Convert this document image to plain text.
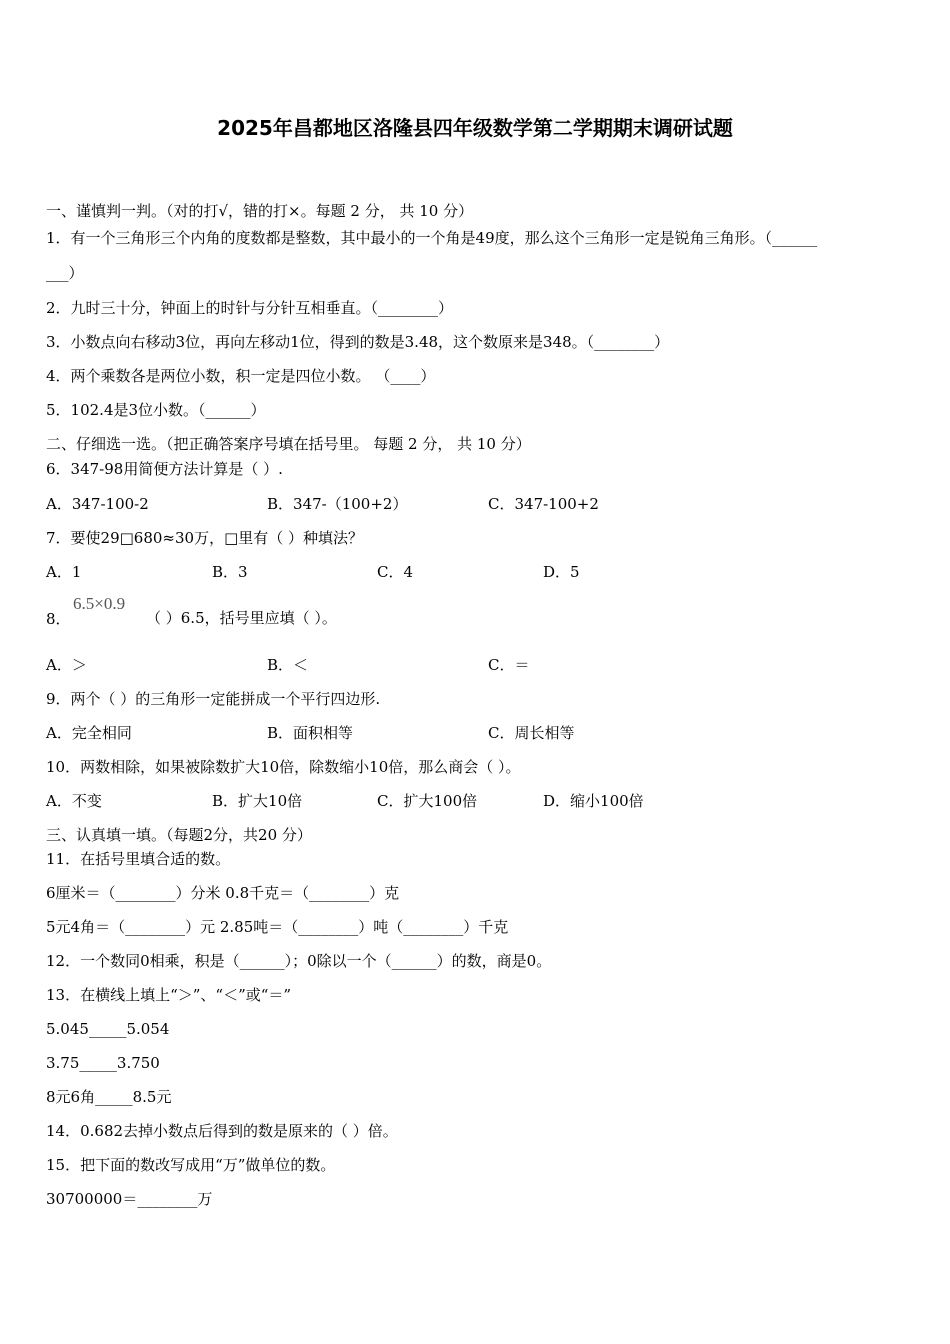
2025年昌都地区洛隆县四年级数学第二学期期末调研试题
一、谨慎判一判。（对的打√，错的打×。每题 2 分， 共 10 分）
1．有一个三角形三个内角的度数都是整数，其中最小的一个角是49度，那么这个三角形一定是锐角三角形。（______
___）
2．九时三十分，钟面上的时针与分针互相垂直。（________）
3．小数点向右移动3位，再向左移动1位，得到的数是3.48，这个数原来是348。（________）
4．两个乘数各是两位小数，积一定是四位小数。 （____）
5．102.4是3位小数。（______）
二、仔细选一选。（把正确答案序号填在括号里。 每题 2 分， 共 10 分）
6．347-98用简便方法计算是（ ）.
A．347-100-2	B．347-（100+2）	C．347-100+2
7．要使29□680≈30万，□里有（ ）种填法？
A．1	B．3	C．4	D．5
6.5×0.9
8．	（ ）6.5，括号里应填（ ）。
A．＞	B．＜	C．＝
9．两个（ ）的三角形一定能拼成一个平行四边形.
A．完全相同	B．面积相等	C．周长相等
10．两数相除，如果被除数扩大10倍，除数缩小10倍，那么商会（ ）。
A．不变	B．扩大10倍	C．扩大100倍	D．缩小100倍
三、认真填一填。（每题2分，共20 分）
11．在括号里填合适的数。
6厘米＝（________）分米 0.8千克＝（________）克
5元4角＝（________）元 2.85吨＝（________）吨（________）千克
12．一个数同0相乘，积是（______）；0除以一个（______）的数，商是0。
13．在横线上填上“＞”、“＜”或“＝”
5.045_____5.054
3.75_____3.750
8元6角_____8.5元
14．0.682去掉小数点后得到的数是原来的（ ）倍。
15．把下面的数改写成用“万”做单位的数。
30700000＝________万
